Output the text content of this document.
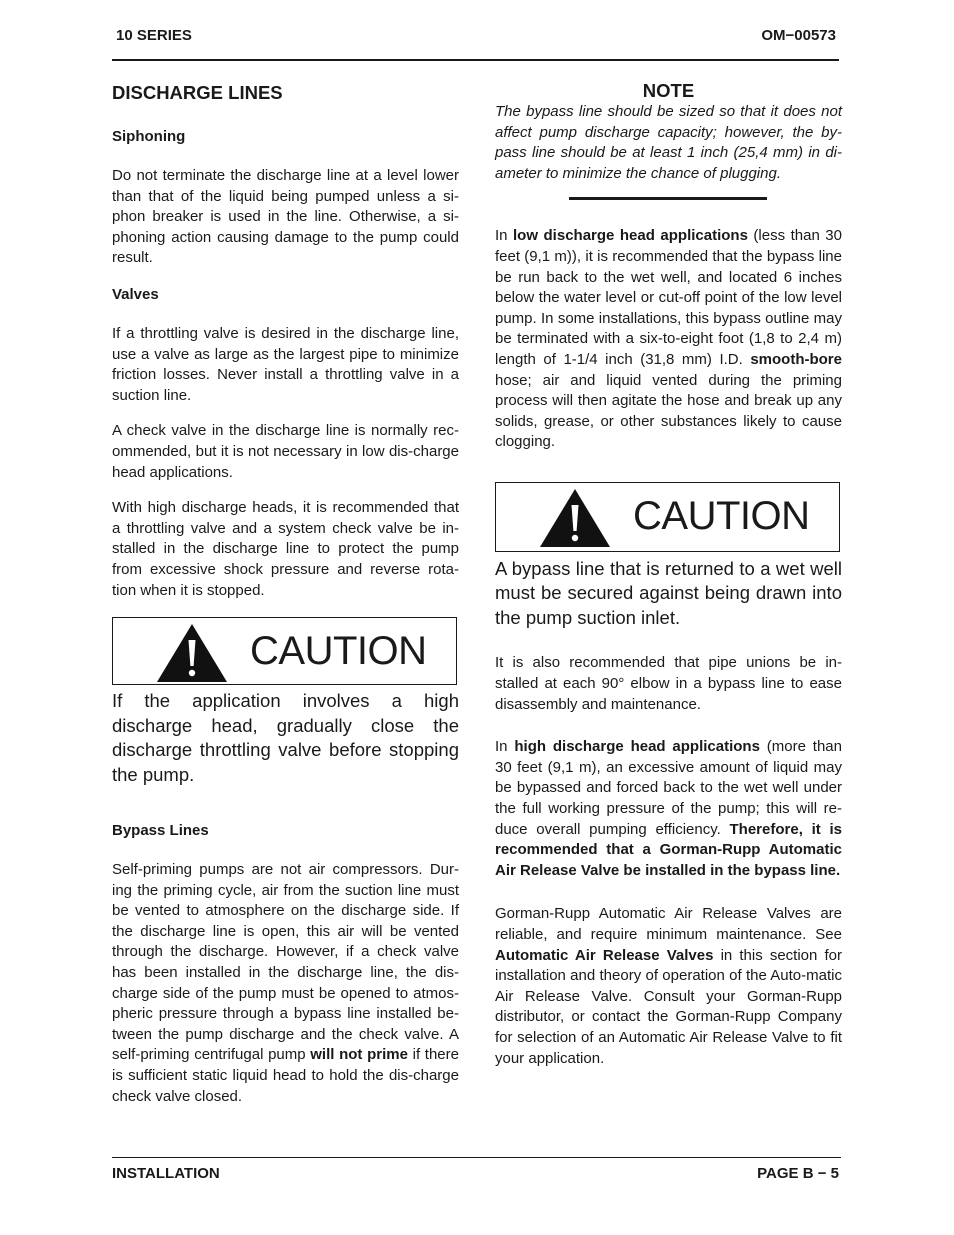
10 SERIES	OM−00573
DISCHARGE LINES
Siphoning

Do not terminate the discharge line at a level lower than that of the liquid being pumped unless a si-phon breaker is used in the line. Otherwise, a si-phoning action causing damage to the pump could result.

Valves

If a throttling valve is desired in the discharge line, use a valve as large as the largest pipe to minimize friction losses. Never install a throttling valve in a suction line.

A check valve in the discharge line is normally rec-ommended, but it is not necessary in low dis-charge head applications.

With high discharge heads, it is recommended that a throttling valve and a system check valve be in-stalled in the discharge line to protect the pump from excessive shock pressure and reverse rota-tion when it is stopped.

CAUTION

If the application involves a high discharge head, gradually close the discharge throttling valve before stopping the pump.

Bypass Lines

Self-priming pumps are not air compressors. Dur-ing the priming cycle, air from the suction line must be vented to atmosphere on the discharge side. If the discharge line is open, this air will be vented through the discharge. However, if a check valve has been installed in the discharge line, the dis-charge side of the pump must be opened to atmos-pheric pressure through a bypass line installed be-tween the pump discharge and the check valve. A self-priming centrifugal pump will not prime if there is sufficient static liquid head to hold the dis-charge check valve closed.

NOTE

The bypass line should be sized so that it does not affect pump discharge capacity; however, the by-pass line should be at least 1 inch (25,4 mm) in di-ameter to minimize the chance of plugging.

In low discharge head applications (less than 30 feet (9,1 m)), it is recommended that the bypass line be run back to the wet well, and located 6 inches below the water level or cut-off point of the low level pump. In some installations, this bypass outline may be terminated with a six-to-eight foot (1,8 to 2,4 m) length of 1-1/4 inch (31,8 mm) I.D. smooth-bore hose; air and liquid vented during the priming process will then agitate the hose and break up any solids, grease, or other substances likely to cause clogging.

CAUTION

A bypass line that is returned to a wet well must be secured against being drawn into the pump suction inlet.

It is also recommended that pipe unions be in-stalled at each 90° elbow in a bypass line to ease disassembly and maintenance.

In high discharge head applications (more than 30 feet (9,1 m), an excessive amount of liquid may be bypassed and forced back to the wet well under the full working pressure of the pump; this will re-duce overall pumping efficiency. Therefore, it is recommended that a Gorman-Rupp Automatic Air Release Valve be installed in the bypass line.

Gorman-Rupp Automatic Air Release Valves are reliable, and require minimum maintenance. See Automatic Air Release Valves in this section for installation and theory of operation of the Auto-matic Air Release Valve. Consult your Gorman-Rupp distributor, or contact the Gorman-Rupp Company for selection of an Automatic Air Release Valve to fit your application.

INSTALLATION	PAGE B − 5
